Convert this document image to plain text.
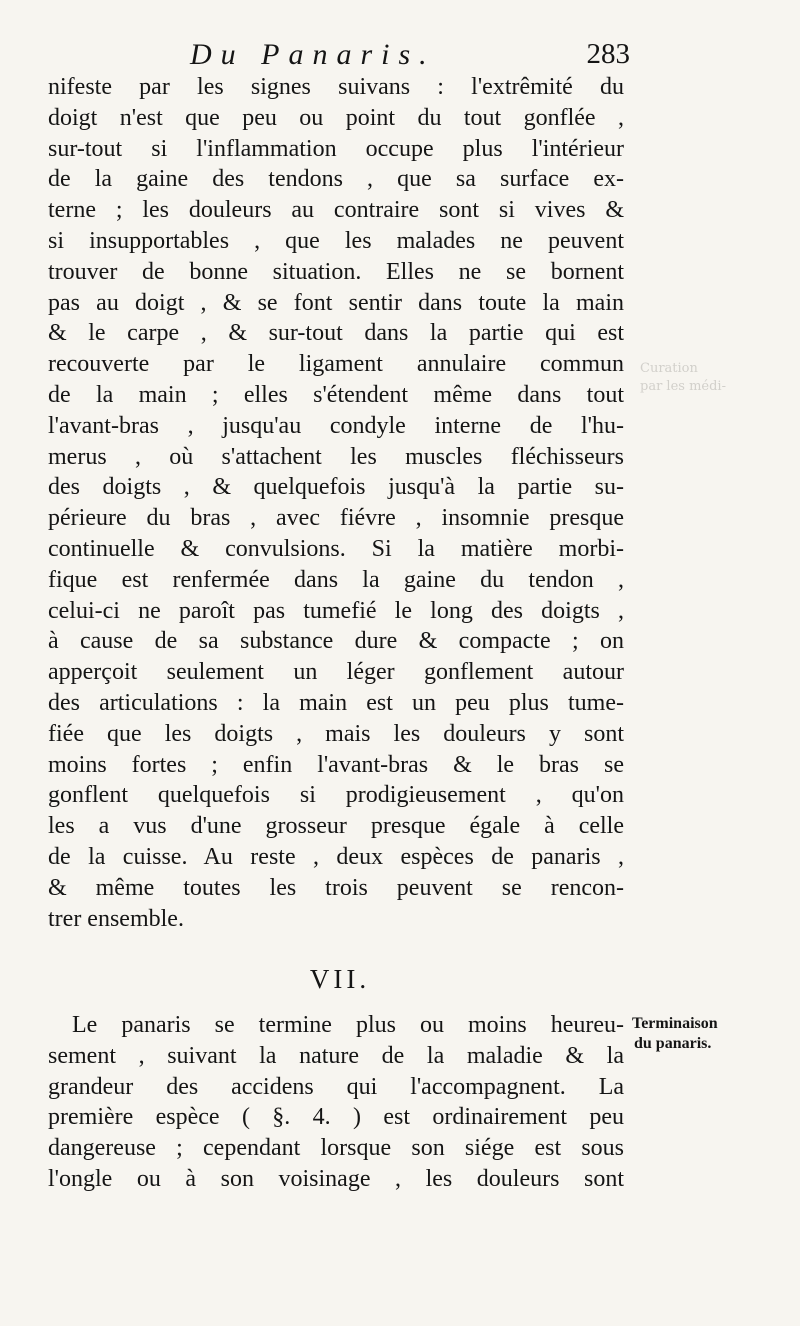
Curation
par les médi-
Du Panaris.	283
nifeste par les signes suivans : l'extrêmité du
doigt n'est que peu ou point du tout gonflée ,
sur-tout si l'inflammation occupe plus l'intérieur
de la gaine des tendons , que sa surface ex-
terne ; les douleurs au contraire sont si vives &
si insupportables , que les malades ne peuvent
trouver de bonne situation. Elles ne se bornent
pas au doigt , & se font sentir dans toute la main
& le carpe , & sur-tout dans la partie qui est
recouverte par le ligament annulaire commun
de la main ; elles s'étendent même dans tout
l'avant-bras , jusqu'au condyle interne de l'hu-
merus , où s'attachent les muscles fléchisseurs
des doigts , & quelquefois jusqu'à la partie su-
périeure du bras , avec fiévre , insomnie presque
continuelle & convulsions. Si la matière morbi-
fique est renfermée dans la gaine du tendon ,
celui-ci ne paroît pas tumefié le long des doigts ,
à cause de sa substance dure & compacte ; on
apperçoit seulement un léger gonflement autour
des articulations : la main est un peu plus tume-
fiée que les doigts , mais les douleurs y sont
moins fortes ; enfin l'avant-bras & le bras se
gonflent quelquefois si prodigieusement , qu'on
les a vus d'une grosseur presque égale à celle
de la cuisse. Au reste , deux espèces de panaris ,
& même toutes les trois peuvent se rencon-
trer ensemble.
VII.
Le panaris se termine plus ou moins heureu-
sement , suivant la nature de la maladie & la
grandeur des accidens qui l'accompagnent. La
première espèce ( §. 4. ) est ordinairement peu
dangereuse ; cependant lorsque son siége est sous
l'ongle ou à son voisinage , les douleurs sont
Terminaison
du panaris.
